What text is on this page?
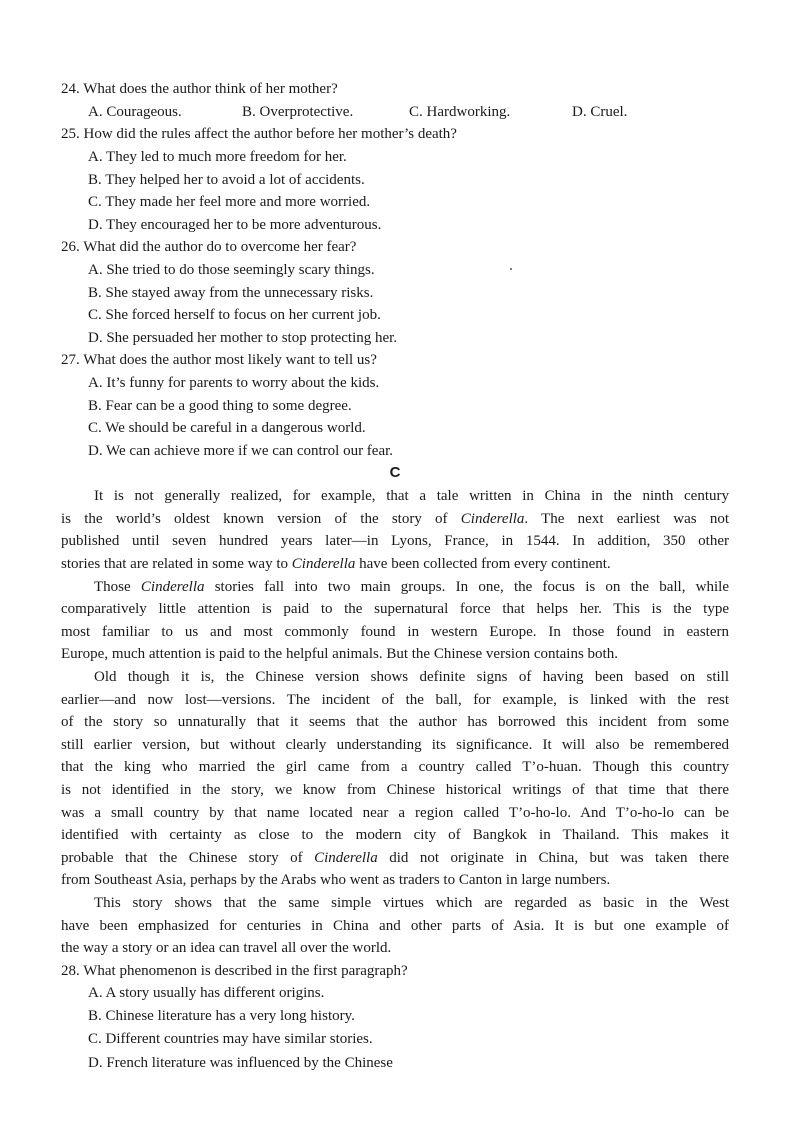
24. What does the author think of her mother?
A. Courageous.	B. Overprotective.	C. Hardworking.	D. Cruel.
25. How did the rules affect the author before her mother’s death?
A. They led to much more freedom for her.
B. They helped her to avoid a lot of accidents.
C. They made her feel more and more worried.
D. They encouraged her to be more adventurous.
26. What did the author do to overcome her fear?
A. She tried to do those seemingly scary things.
B. She stayed away from the unnecessary risks.
C. She forced herself to focus on her current job.
D. She persuaded her mother to stop protecting her.
27. What does the author most likely want to tell us?
A. It’s funny for parents to worry about the kids.
B. Fear can be a good thing to some degree.
C. We should be careful in a dangerous world.
D. We can achieve more if we can control our fear.
C
It is not generally realized, for example, that a tale written in China in the ninth century
is the world’s oldest known version of the story of Cinderella. The next earliest was not
published until seven hundred years later—in Lyons, France, in 1544. In addition, 350 other
stories that are related in some way to Cinderella have been collected from every continent.
Those Cinderella stories fall into two main groups. In one, the focus is on the ball, while
comparatively little attention is paid to the supernatural force that helps her. This is the type
most familiar to us and most commonly found in western Europe. In those found in eastern
Europe, much attention is paid to the helpful animals. But the Chinese version contains both.
Old though it is, the Chinese version shows definite signs of having been based on still
earlier—and now lost—versions. The incident of the ball, for example, is linked with the rest
of the story so unnaturally that it seems that the author has borrowed this incident from some
still earlier version, but without clearly understanding its significance. It will also be remembered
that the king who married the girl came from a country called T’o-huan. Though this country
is not identified in the story, we know from Chinese historical writings of that time that there
was a small country by that name located near a region called T’o-ho-lo. And T’o-ho-lo can be
identified with certainty as close to the modern city of Bangkok in Thailand. This makes it
probable that the Chinese story of Cinderella did not originate in China, but was taken there
from Southeast Asia, perhaps by the Arabs who went as traders to Canton in large numbers.
This story shows that the same simple virtues which are regarded as basic in the West
have been emphasized for centuries in China and other parts of Asia. It is but one example of
the way a story or an idea can travel all over the world.
28. What phenomenon is described in the first paragraph?
A. A story usually has different origins.
B. Chinese literature has a very long history.
C. Different countries may have similar stories.
D. French literature was influenced by the Chinese
